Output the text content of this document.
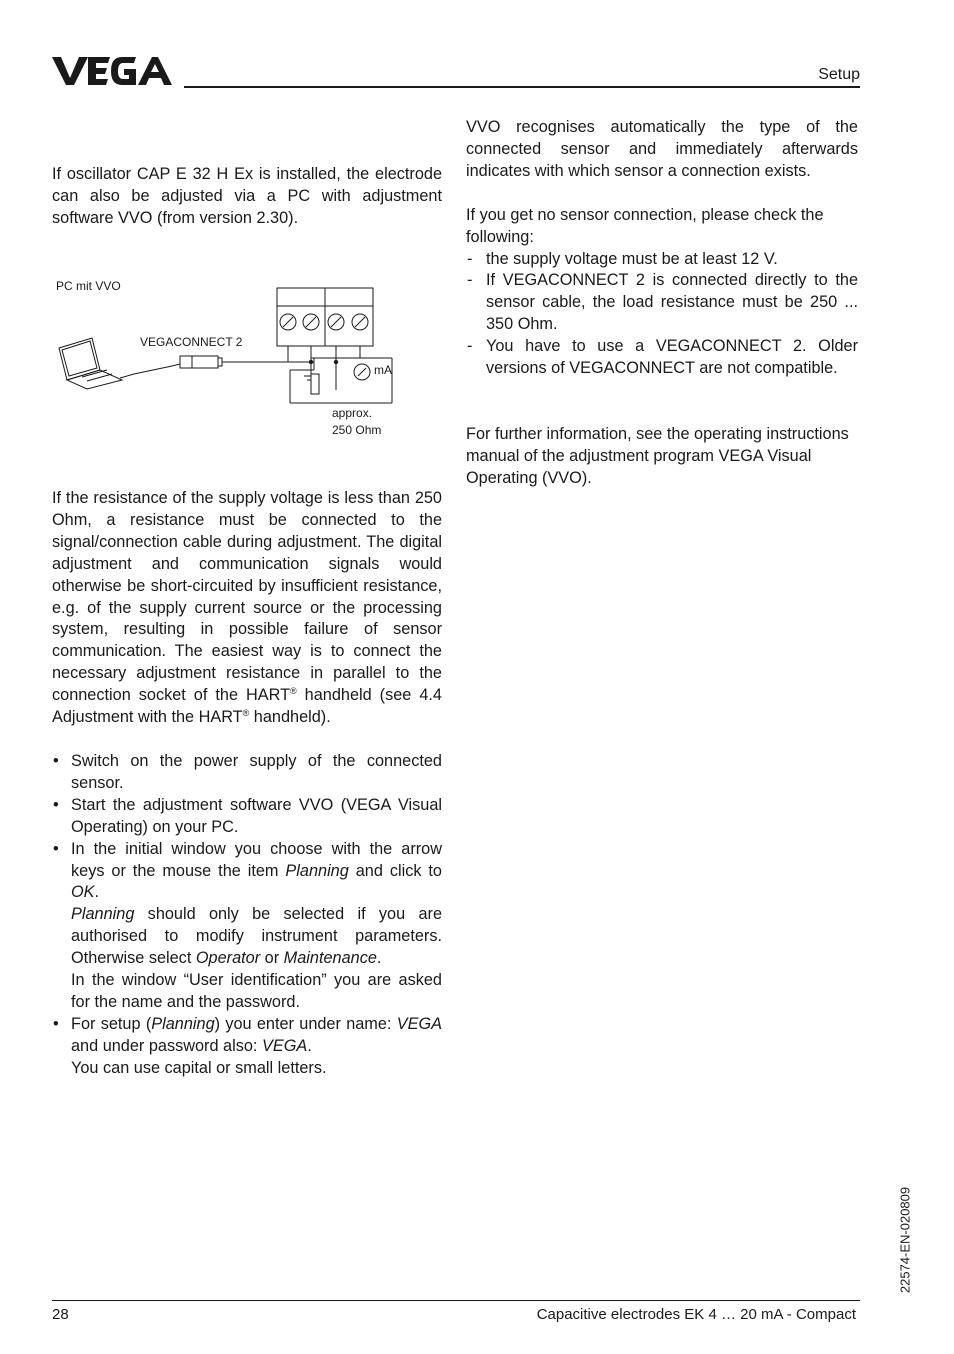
Setup

If oscillator CAP E 32 H Ex is installed, the electrode can also be adjusted via a PC with adjustment software VVO (from version 2.30).

PC mit VVO
VEGACONNECT 2
mA
approx.
250 Ohm

If the resistance of the supply voltage is less than 250 Ohm, a resistance must be connected to the signal/connection cable during adjustment. The digital adjustment and communication signals would otherwise be short-circuited by insufficient resistance, e.g. of the supply current source or the processing system, resulting in possible failure of sensor communication. The easiest way is to connect the necessary adjustment resistance in parallel to the connection socket of the HART® handheld (see 4.4 Adjustment with the HART® handheld).

• Switch on the power supply of the connected sensor.
• Start the adjustment software VVO (VEGA Visual Operating) on your PC.
• In the initial window you choose with the arrow keys or the mouse the item Planning and click to OK.
Planning should only be selected if you are authorised to modify instrument parameters. Otherwise select Operator or Maintenance.
In the window “User identification” you are asked for the name and the password.
• For setup (Planning) you enter under name: VEGA and under password also: VEGA.
You can use capital or small letters.

VVO recognises automatically the type of the connected sensor and immediately afterwards indicates with which sensor a connection exists.

If you get no sensor connection, please check the following:

- the supply voltage must be at least 12 V.
- If VEGACONNECT 2 is connected directly to the sensor cable, the load resistance must be 250 ... 350 Ohm.
- You have to use a VEGACONNECT 2. Older versions of VEGACONNECT are not compatible.

For further information, see the operating instructions manual of the adjustment program VEGA Visual Operating (VVO).

22574-EN-020809
28	Capacitive electrodes EK 4 … 20 mA - Compact
